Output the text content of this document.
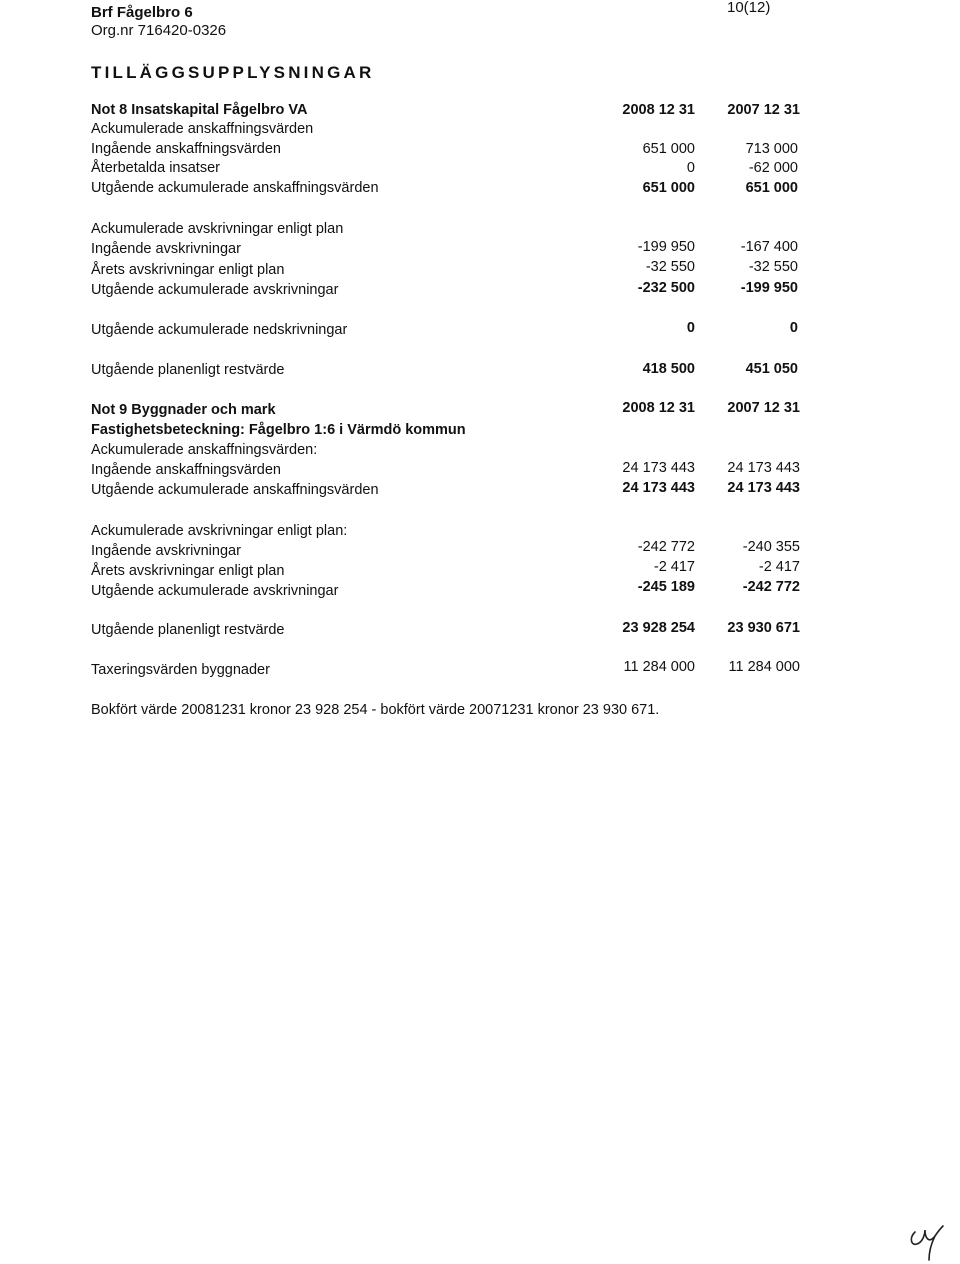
Brf Fågelbro 6
Org.nr 716420-0326
10(12)
TILLÄGGSUPPLYSNINGAR
Not 8 Insatskapital Fågelbro VA	2008 12 31	2007 12 31
Ackumulerade anskaffningsvärden
Ingående anskaffningsvärden	651 000	713 000
Återbetalda insatser	0	-62 000
Utgående ackumulerade anskaffningsvärden	651 000	651 000
Ackumulerade avskrivningar enligt plan
Ingående avskrivningar	-199 950	-167 400
Årets avskrivningar enligt plan	-32 550	-32 550
Utgående ackumulerade avskrivningar	-232 500	-199 950
Utgående ackumulerade nedskrivningar	0	0
Utgående planenligt restvärde	418 500	451 050
Not 9 Byggnader och mark	2008 12 31	2007 12 31
Fastighetsbeteckning: Fågelbro 1:6 i Värmdö kommun
Ackumulerade anskaffningsvärden:
Ingående anskaffningsvärden	24 173 443	24 173 443
Utgående ackumulerade anskaffningsvärden	24 173 443	24 173 443
Ackumulerade avskrivningar enligt plan:
Ingående avskrivningar	-242 772	-240 355
Årets avskrivningar enligt plan	-2 417	-2 417
Utgående ackumulerade avskrivningar	-245 189	-242 772
Utgående planenligt restvärde	23 928 254	23 930 671
Taxeringsvärden byggnader	11 284 000	11 284 000
Bokfört värde 20081231 kronor 23 928 254 - bokfört värde 20071231 kronor 23 930 671.
